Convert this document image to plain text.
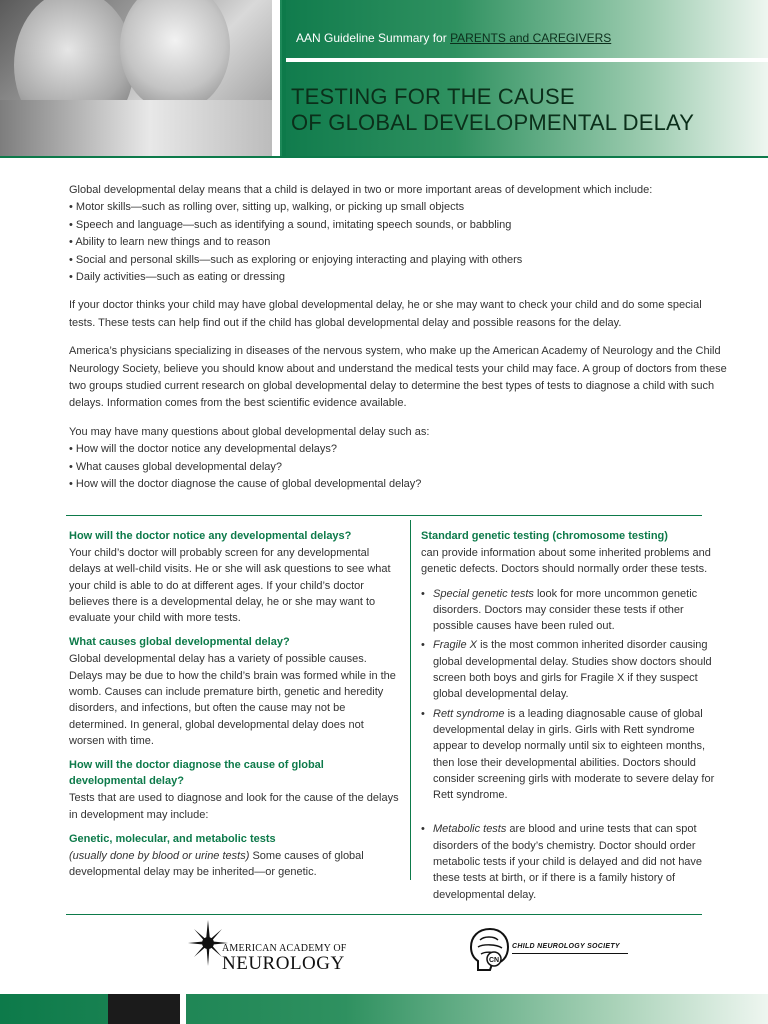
AAN Guideline Summary for PARENTS and CAREGIVERS
TESTING FOR THE CAUSE
OF GLOBAL DEVELOPMENTAL DELAY

Global developmental delay means that a child is delayed in two or more important areas of development which include:

• Motor skills—such as rolling over, sitting up, walking, or picking up small objects
• Speech and language—such as identifying a sound, imitating speech sounds, or babbling
• Ability to learn new things and to reason
• Social and personal skills—such as exploring or enjoying interacting and playing with others
• Daily activities—such as eating or dressing

If your doctor thinks your child may have global developmental delay, he or she may want to check your child and do some special tests. These tests can help find out if the child has global developmental delay and possible reasons for the delay.

America’s physicians specializing in diseases of the nervous system, who make up the American Academy of Neurology and the Child Neurology Society, believe you should know about and understand the medical tests your child may face. A group of doctors from these two groups studied current research on global developmental delay to determine the best types of tests to diagnose a child with such delays. Information comes from the best scientific evidence available.

You may have many questions about global developmental delay such as:

• How will the doctor notice any developmental delays?
• What causes global developmental delay?
• How will the doctor diagnose the cause of global developmental delay?
How will the doctor notice any developmental delays?

Your child’s doctor will probably screen for any developmental delays at well-child visits. He or she will ask questions to see what your child is able to do at different ages. If your child’s doctor believes there is a developmental delay, he or she may want to evaluate your child with more tests.

What causes global developmental delay?

Global developmental delay has a variety of possible causes. Delays may be due to how the child’s brain was formed while in the womb. Causes can include premature birth, genetic and heredity disorders, and infections, but often the cause may not be determined. In general, global developmental delay does not worsen with time.

How will the doctor diagnose the cause of global developmental delay?

Tests that are used to diagnose and look for the cause of the delays in development may include:

Genetic, molecular, and metabolic tests

(usually done by blood or urine tests) Some causes of global developmental delay may be inherited—or genetic.

Standard genetic testing (chromosome testing)

can provide information about some inherited problems and genetic defects. Doctors should normally order these tests.

• Special genetic tests look for more uncommon genetic disorders. Doctors may consider these tests if other possible causes have been ruled out.
• Fragile X is the most common inherited disorder causing global developmental delay. Studies show doctors should screen both boys and girls for Fragile X if they suspect global developmental delay.
• Rett syndrome is a leading diagnosable cause of global developmental delay in girls. Girls with Rett syndrome appear to develop normally until six to eighteen months, then lose their developmental abilities. Doctors should consider screening girls with moderate to severe delay for Rett syndrome.
• Metabolic tests are blood and urine tests that can spot disorders of the body’s chemistry. Doctor should order metabolic tests if your child is delayed and did not have these tests at birth, or if there is a family history of developmental delay.
AMERICAN ACADEMY OF
NEUROLOGY	CN
CHILD NEUROLOGY SOCIETY
